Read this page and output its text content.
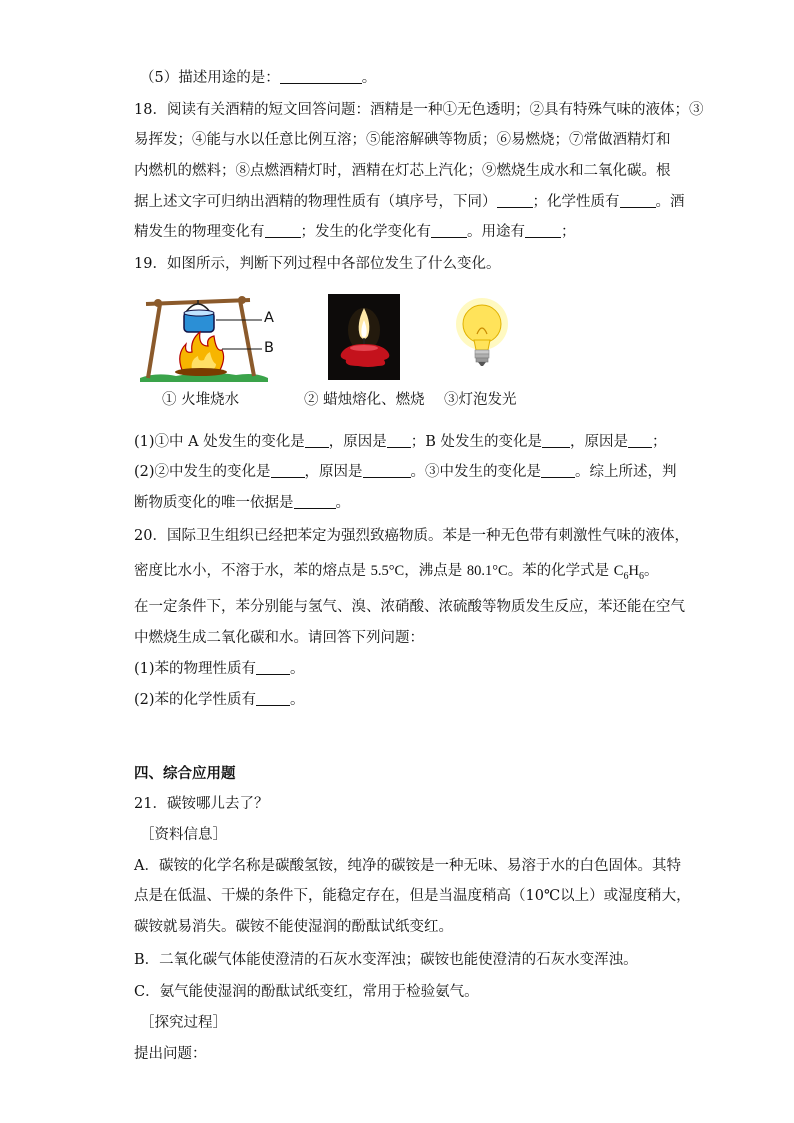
（5）描述用途的是：	。
18．阅读有关酒精的短文回答问题：酒精是一种①无色透明；②具有特殊气味的液体；③
易挥发；④能与水以任意比例互溶；⑤能溶解碘等物质；⑥易燃烧；⑦常做酒精灯和
内燃机的燃料；⑧点燃酒精灯时，酒精在灯芯上汽化；⑨燃烧生成水和二氧化碳。根
据上述文字可归纳出酒精的物理性质有（填序号，下同） ；化学性质有 。酒
精发生的物理变化有 ；发生的化学变化有 。用途有 ；
19．如图所示，判断下列过程中各部位发生了什么变化。
A
B
① 火堆烧水	② 蜡烛熔化、燃烧 ③灯泡发光
(1)①中 A 处发生的变化是 ，原因是 ；B 处发生的变化是 ，原因是 ；
(2)②中发生的变化是 ，原因是	。③中发生的变化是 。综上所述，判
断物质变化的唯一依据是	。
20．国际卫生组织已经把苯定为强烈致癌物质。苯是一种无色带有刺激性气味的液体，
密度比水小，不溶于水，苯的熔点是 5.5°C，沸点是 80.1°C。苯的化学式是 $C_6H_6$。
在一定条件下，苯分别能与氢气、溴、浓硝酸、浓硫酸等物质发生反应，苯还能在空气
中燃烧生成二氧化碳和水。请回答下列问题：
(1)苯的物理性质有 。
(2)苯的化学性质有 。
四、综合应用题
21．碳铵哪儿去了？
［资料信息］
A．碳铵的化学名称是碳酸氢铵，纯净的碳铵是一种无味、易溶于水的白色固体。其特
点是在低温、干燥的条件下，能稳定存在，但是当温度稍高（10℃以上）或湿度稍大，
碳铵就易消失。碳铵不能使湿润的酚酞试纸变红。
B．二氧化碳气体能使澄清的石灰水变浑浊；碳铵也能使澄清的石灰水变浑浊。
C．氨气能使湿润的酚酞试纸变红，常用于检验氨气。
［探究过程］
提出问题：
